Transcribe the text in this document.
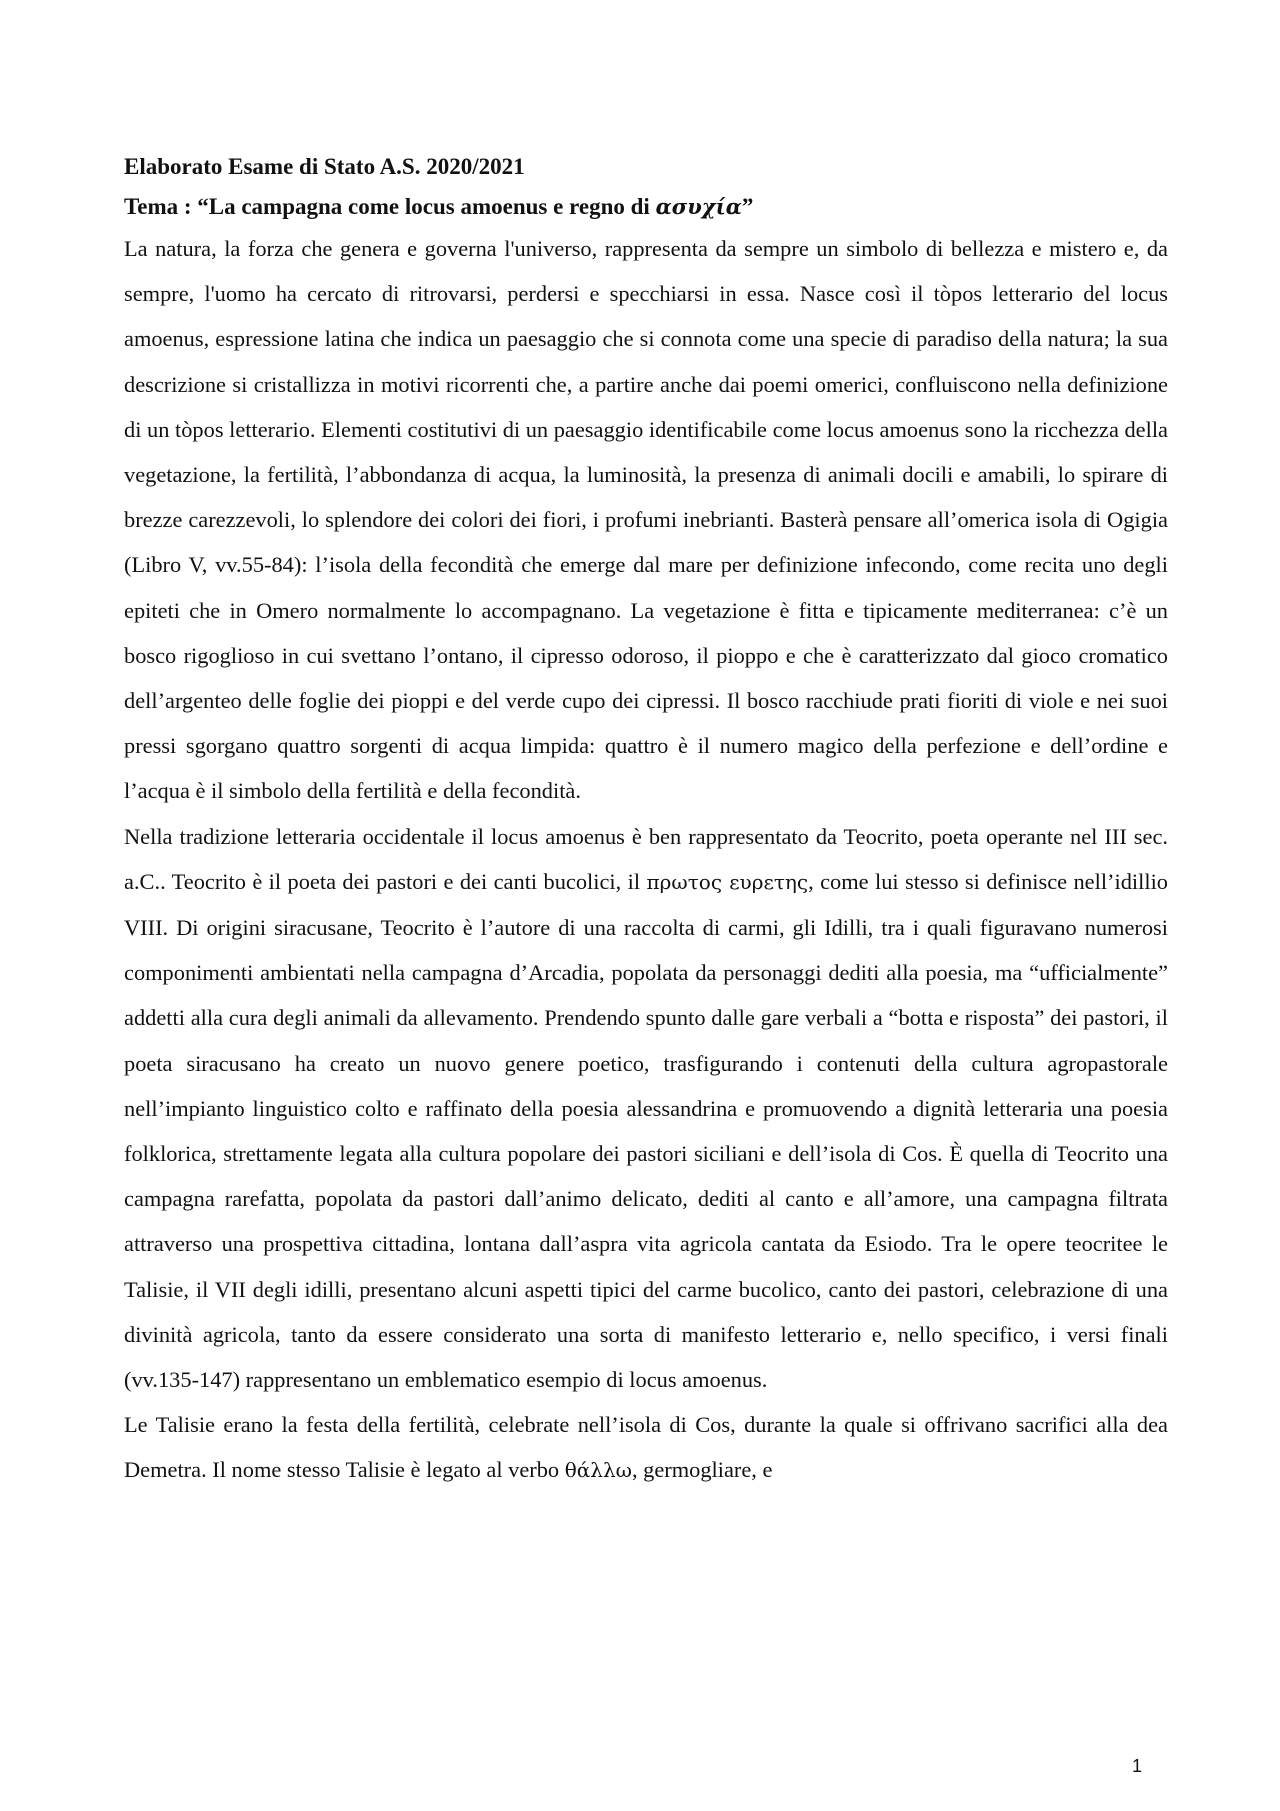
Elaborato Esame di Stato A.S. 2020/2021
Tema : “La campagna come locus amoenus e regno di ασυχία”

La natura, la forza che genera e governa l'universo, rappresenta da sempre un simbolo di bellezza e mistero e, da sempre, l'uomo ha cercato di ritrovarsi, perdersi e specchiarsi in essa. Nasce così il tòpos letterario del locus amoenus, espressione latina che indica un paesaggio che si connota come una specie di paradiso della natura; la sua descrizione si cristallizza in motivi ricorrenti che, a partire anche dai poemi omerici, confluiscono nella definizione di un tòpos letterario. Elementi costitutivi di un paesaggio identificabile come locus amoenus sono la ricchezza della vegetazione, la fertilità, l’abbondanza di acqua, la luminosità, la presenza di animali docili e amabili, lo spirare di brezze carezzevoli, lo splendore dei colori dei fiori, i profumi inebrianti. Basterà pensare all’omerica isola di Ogigia (Libro V, vv.55-84): l’isola della fecondità che emerge dal mare per definizione infecondo, come recita uno degli epiteti che in Omero normalmente lo accompagnano. La vegetazione è fitta e tipicamente mediterranea: c’è un bosco rigoglioso in cui svettano l’ontano, il cipresso odoroso, il pioppo e che è caratterizzato dal gioco cromatico dell’argenteo delle foglie dei pioppi e del verde cupo dei cipressi. Il bosco racchiude prati fioriti di viole e nei suoi pressi sgorgano quattro sorgenti di acqua limpida: quattro è il numero magico della perfezione e dell’ordine e l’acqua è il simbolo della fertilità e della fecondità.

Nella tradizione letteraria occidentale il locus amoenus è ben rappresentato da Teocrito, poeta operante nel III sec. a.C.. Teocrito è il poeta dei pastori e dei canti bucolici, il πρωτος ευρετης, come lui stesso si definisce nell’idillio VIII. Di origini siracusane, Teocrito è l’autore di una raccolta di carmi, gli Idilli, tra i quali figuravano numerosi componimenti ambientati nella campagna d’Arcadia, popolata da personaggi dediti alla poesia, ma “ufficialmente” addetti alla cura degli animali da allevamento. Prendendo spunto dalle gare verbali a “botta e risposta” dei pastori, il poeta siracusano ha creato un nuovo genere poetico, trasfigurando i contenuti della cultura agropastorale nell’impianto linguistico colto e raffinato della poesia alessandrina e promuovendo a dignità letteraria una poesia folklorica, strettamente legata alla cultura popolare dei pastori siciliani e dell’isola di Cos. È quella di Teocrito una campagna rarefatta, popolata da pastori dall’animo delicato, dediti al canto e all’amore, una campagna filtrata attraverso una prospettiva cittadina, lontana dall’aspra vita agricola cantata da Esiodo. Tra le opere teocritee le Talisie, il VII degli idilli, presentano alcuni aspetti tipici del carme bucolico, canto dei pastori, celebrazione di una divinità agricola, tanto da essere considerato una sorta di manifesto letterario e, nello specifico, i versi finali (vv.135-147) rappresentano un emblematico esempio di locus amoenus.

Le Talisie erano la festa della fertilità, celebrate nell’isola di Cos, durante la quale si offrivano sacrifici alla dea Demetra. Il nome stesso Talisie è legato al verbo θάλλω, germogliare, e

1
